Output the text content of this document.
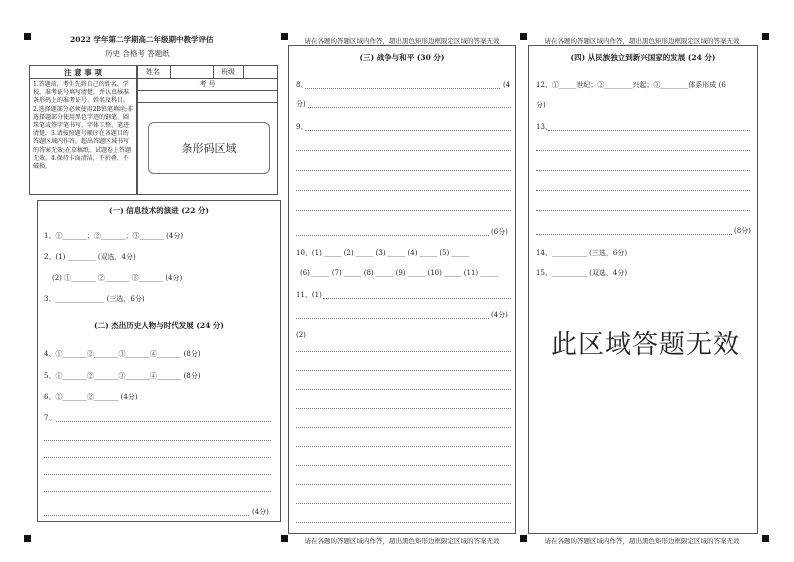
2022 学年第二学期高二年级期中教学评估
历史 合格考 答题纸
注 意 事 项
1.答题前，考生先将自己的姓名、学校、准考证号填写清楚，并认真核准条形码上的准考证号、姓名及科目。2.选择题部分必须使用2B铅笔填涂;非选择题部分使用黑色字迹的钢笔、圆珠笔或签字笔书写，字体工整、笔迹清楚。3.请按照题号顺序在各题目的答题区域内作答，超出答题区域书写的答案无效;在草稿纸、试题卷上答题无效。4.保持卡面清洁，不折叠、不破损。
姓名	班级
考 号
条形码区域
(一) 信息技术的演进 (22 分)
1、①_______；②_______；③_______ (4分)
2、(1) ________ (双选，4分)
(2) ①_______ ②_______ ③_______ (4分)
3、______________ (三选，6分)
(二) 杰出历史人物与时代发展 (24 分)
4、①_______②_______③_______④_______ (8分)
5、①_______②_______③_______④_______ (8分)
6、①_______②_______ (4分)
7、
(4分)
请在各题的答题区域内作答，超出黑色矩形边框限定区域的答案无效
请在各题的答题区域内作答，超出黑色矩形边框限定区域的答案无效
(三) 战争与和平 (30 分)
8、	(4
分)
9、
(6分)
10、(1) _____ (2) _____ (3) _____ (4) _____ (5) _____
(6) _____ (7) _____ (8) _____ (9) _____ (10) _____ (11) _____
11、(1)
(4分)
(2)
请在各题的答题区域内作答，超出黑色矩形边框限定区域的答案无效
请在各题的答题区域内作答，超出黑色矩形边框限定区域的答案无效
(四) 从民族独立到新兴国家的发展 (24 分)
12、①_____世纪；②________兴起；③________体系形成 (6
分)
13、
(8分)
14、__________ (三选，6分)
15、__________ (双选，4分)
此区域答题无效
